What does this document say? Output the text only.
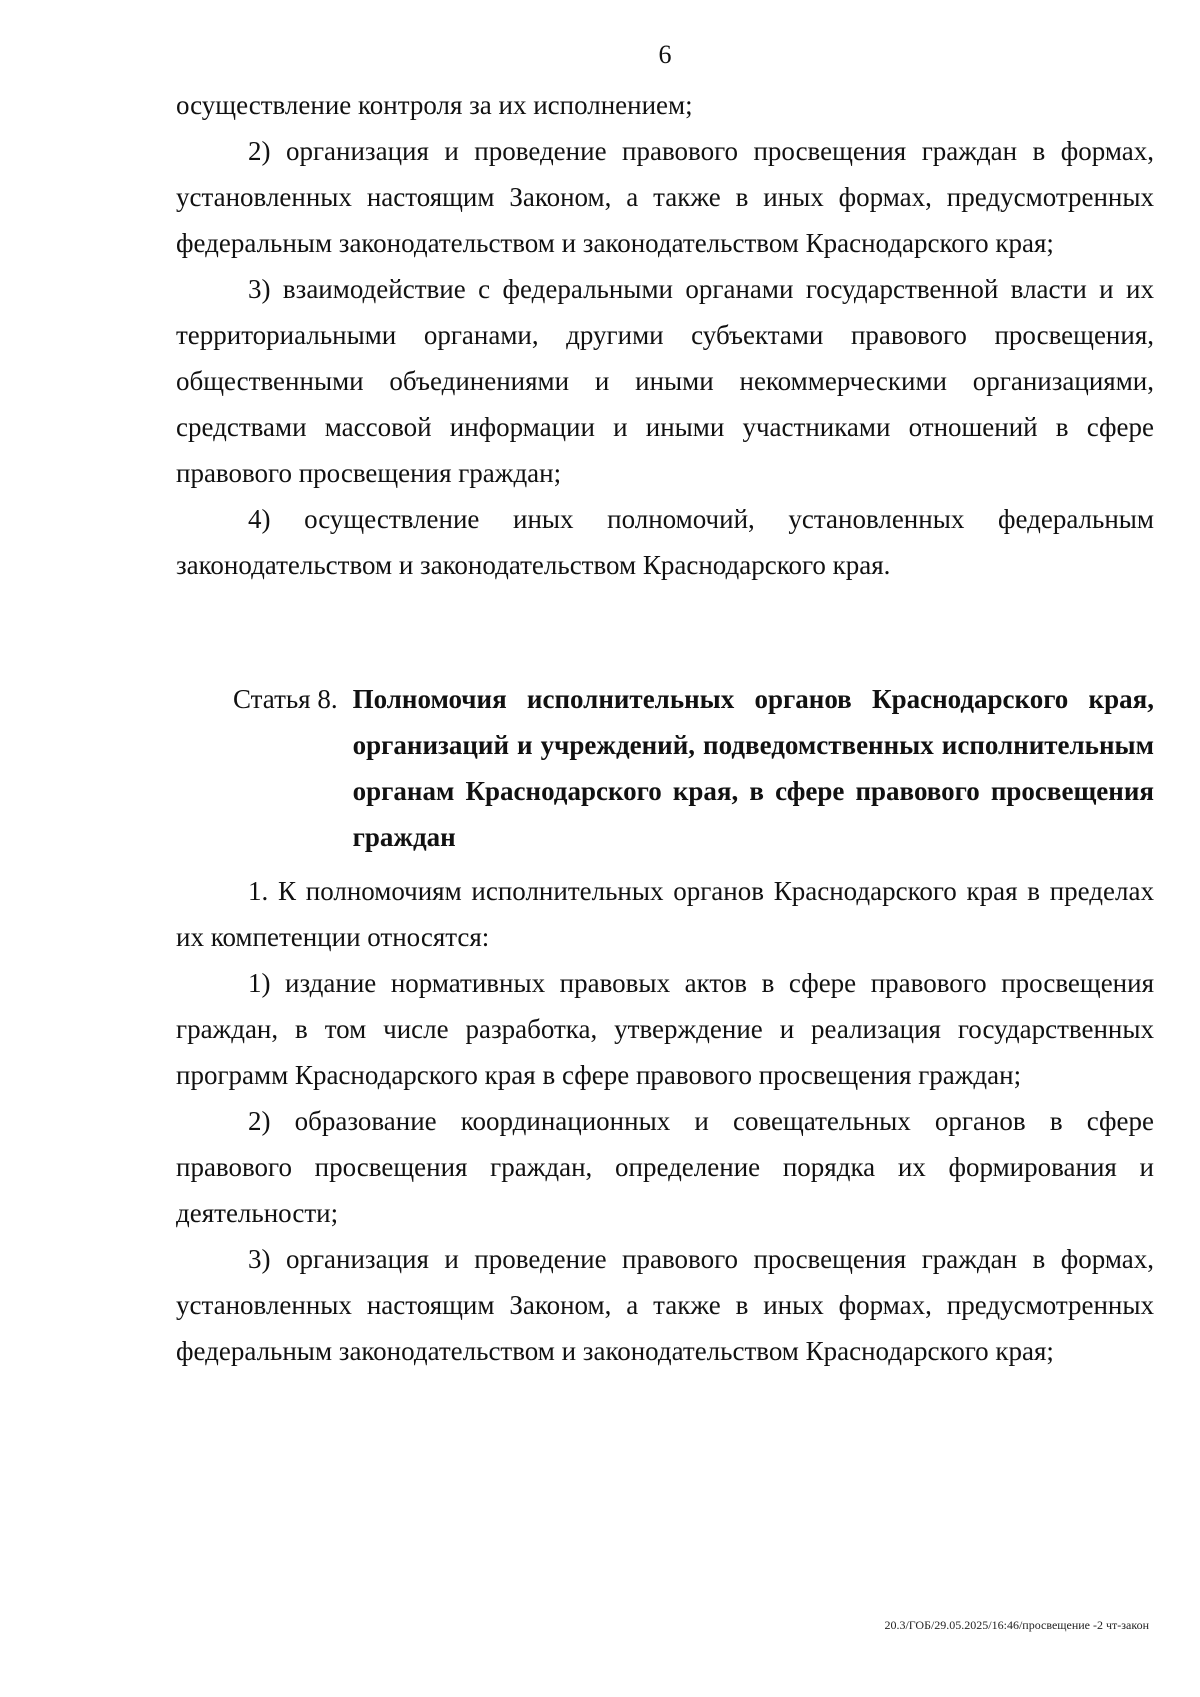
6

осуществление контроля за их исполнением;

2) организация и проведение правового просвещения граждан в формах, установленных настоящим Законом, а также в иных формах, предусмотренных федеральным законодательством и законодательством Краснодарского края;

3) взаимодействие с федеральными органами государственной власти и их территориальными органами, другими субъектами правового просвещения, общественными объединениями и иными некоммерческими организациями, средствами массовой информации и иными участниками отношений в сфере правового просвещения граждан;

4) осуществление иных полномочий, установленных федеральным законодательством и законодательством Краснодарского края.

Статья 8. Полномочия исполнительных органов Краснодарского края, организаций и учреждений, подведомственных исполнительным органам Краснодарского края, в сфере правового просвещения граждан

1. К полномочиям исполнительных органов Краснодарского края в пределах их компетенции относятся:

1) издание нормативных правовых актов в сфере правового просвещения граждан, в том числе разработка, утверждение и реализация государственных программ Краснодарского края в сфере правового просвещения граждан;

2) образование координационных и совещательных органов в сфере правового просвещения граждан, определение порядка их формирования и деятельности;

3) организация и проведение правового просвещения граждан в формах, установленных настоящим Законом, а также в иных формах, предусмотренных федеральным законодательством и законодательством Краснодарского края;

20.3/ГОБ/29.05.2025/16:46/просвещение -2 чт-закон
